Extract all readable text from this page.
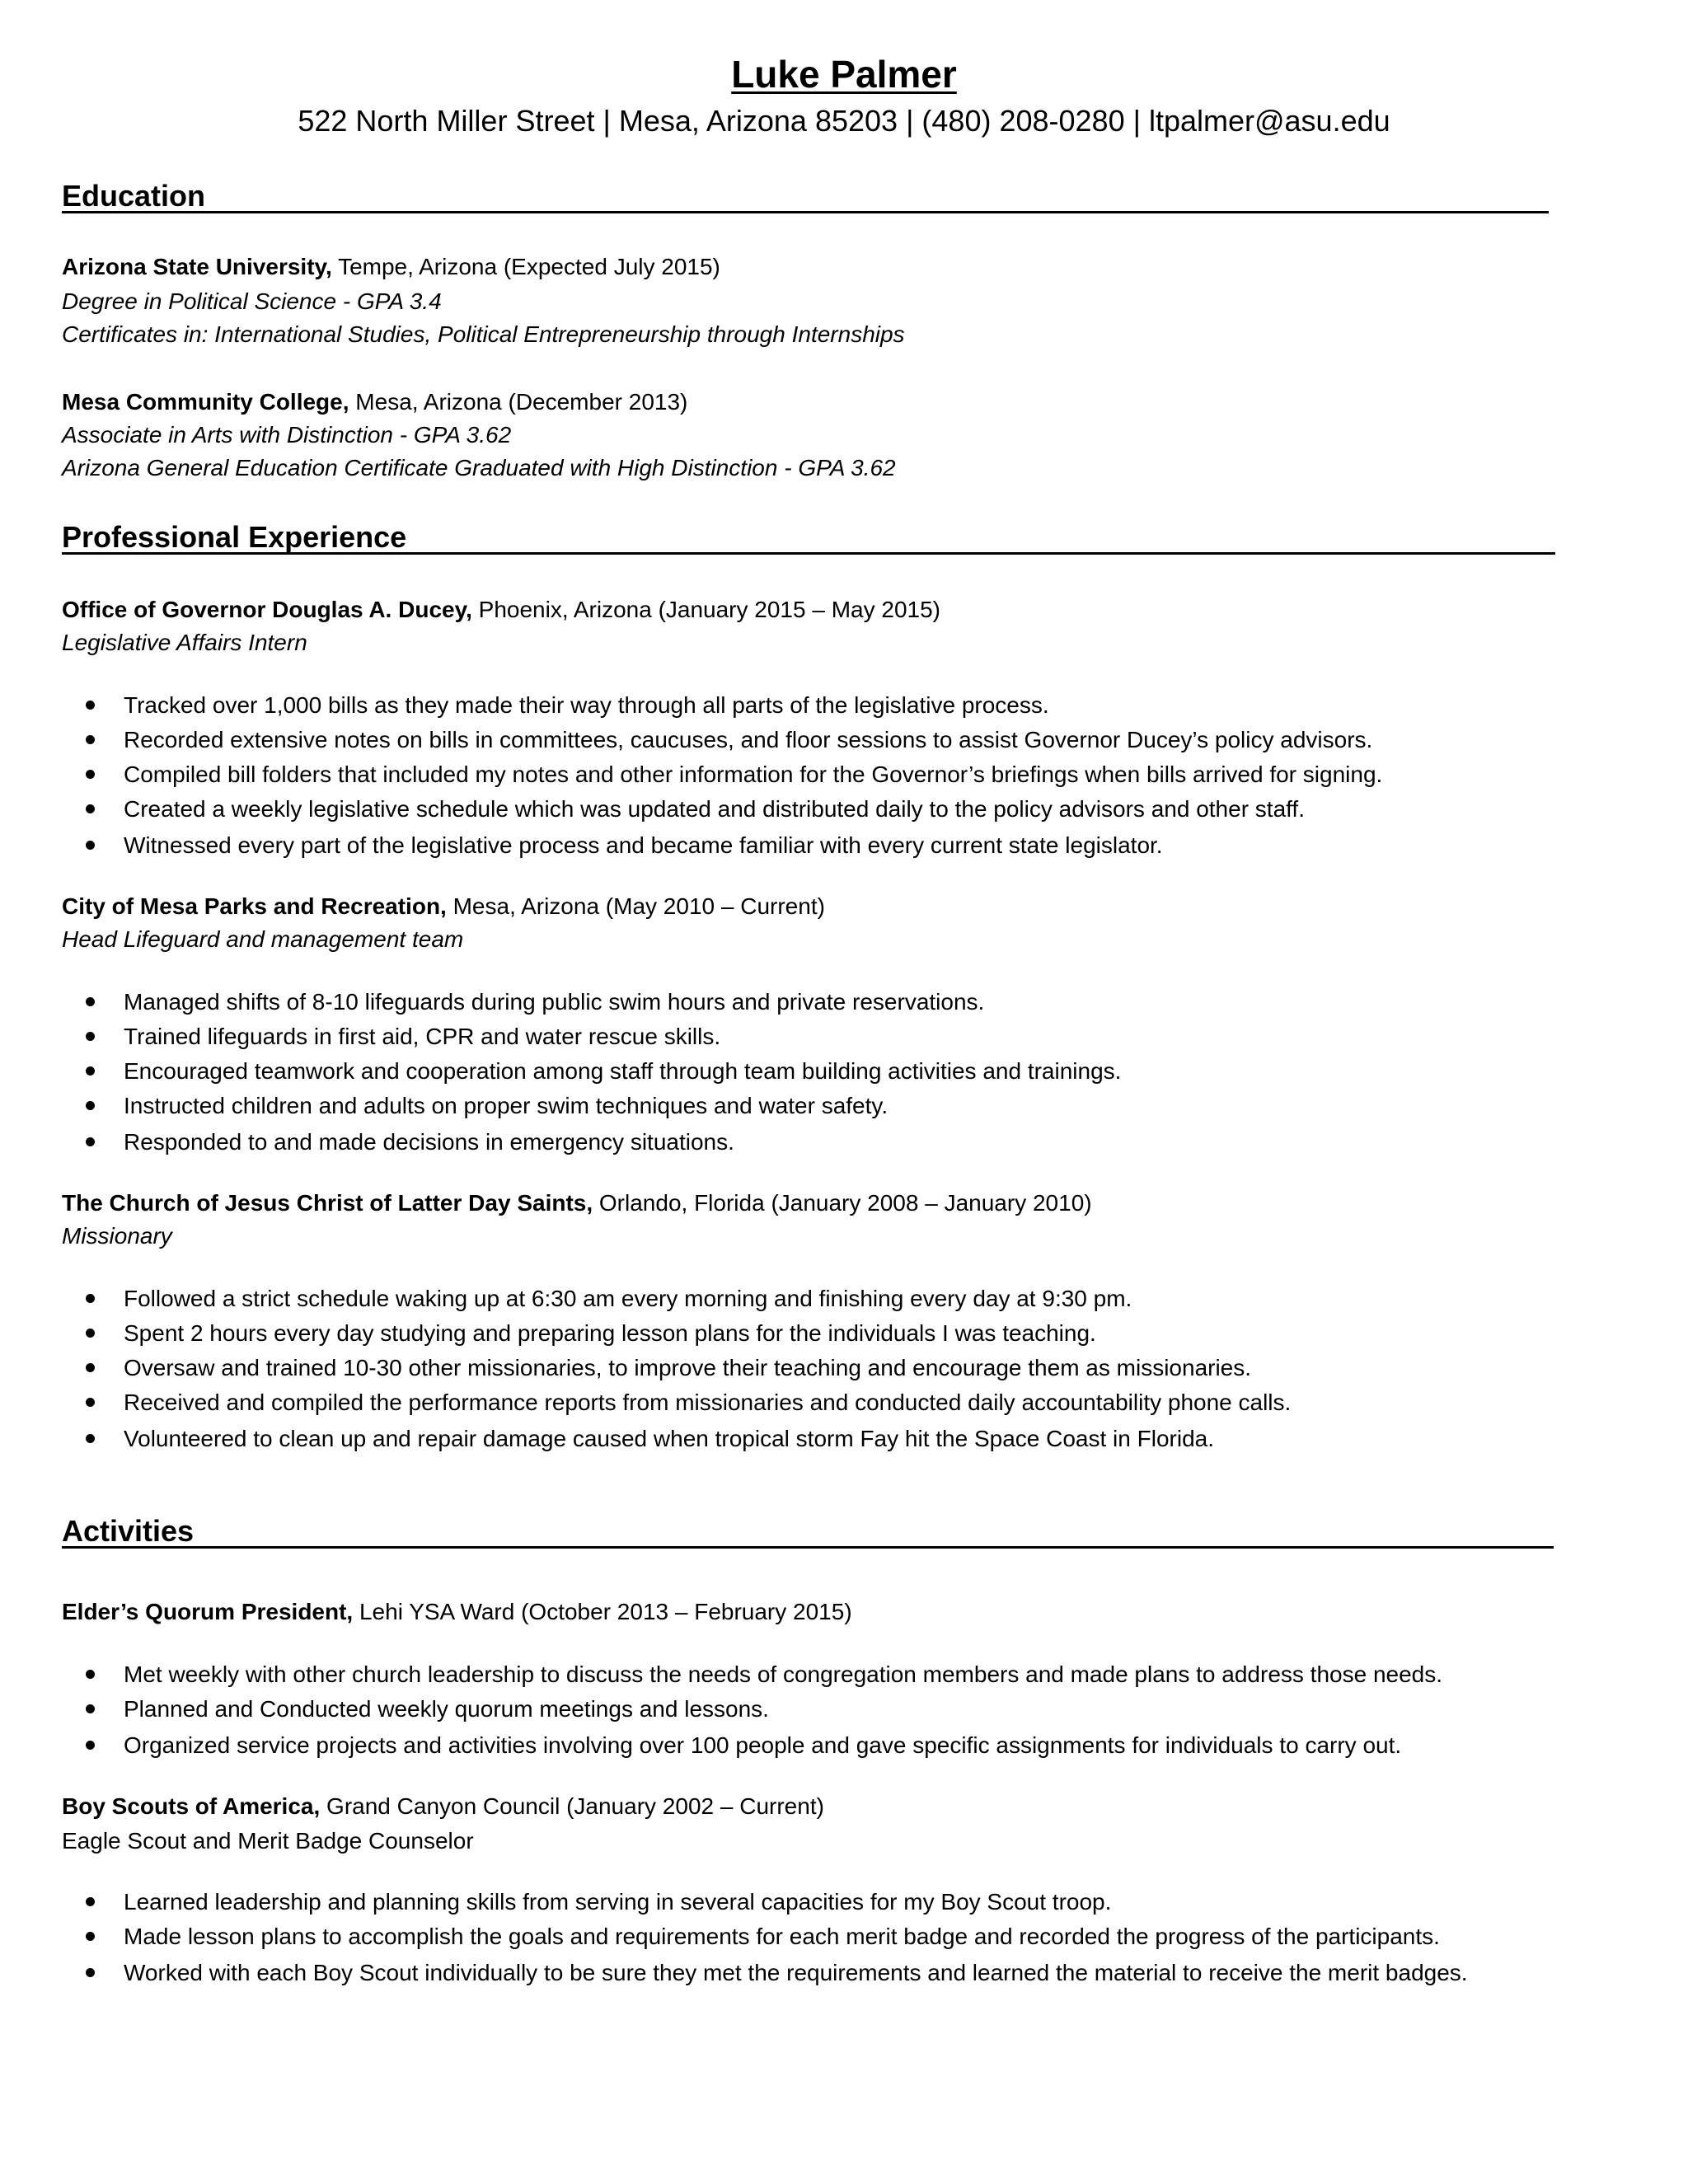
Luke Palmer
522 North Miller Street | Mesa, Arizona 85203 | (480) 208-0280 | ltpalmer@asu.edu
Education
Arizona State University, Tempe, Arizona (Expected July 2015)
Degree in Political Science - GPA 3.4
Certificates in: International Studies, Political Entrepreneurship through Internships
Mesa Community College, Mesa, Arizona (December 2013)
Associate in Arts with Distinction - GPA 3.62
Arizona General Education Certificate Graduated with High Distinction - GPA 3.62
Professional Experience
Office of Governor Douglas A. Ducey, Phoenix, Arizona (January 2015 – May 2015)
Legislative Affairs Intern
Tracked over 1,000 bills as they made their way through all parts of the legislative process.
Recorded extensive notes on bills in committees, caucuses, and floor sessions to assist Governor Ducey’s policy advisors.
Compiled bill folders that included my notes and other information for the Governor’s briefings when bills arrived for signing.
Created a weekly legislative schedule which was updated and distributed daily to the policy advisors and other staff.
Witnessed every part of the legislative process and became familiar with every current state legislator.
City of Mesa Parks and Recreation, Mesa, Arizona (May 2010 – Current)
Head Lifeguard and management team
Managed shifts of 8-10 lifeguards during public swim hours and private reservations.
Trained lifeguards in first aid, CPR and water rescue skills.
Encouraged teamwork and cooperation among staff through team building activities and trainings.
Instructed children and adults on proper swim techniques and water safety.
Responded to and made decisions in emergency situations.
The Church of Jesus Christ of Latter Day Saints, Orlando, Florida (January 2008 – January 2010)
Missionary
Followed a strict schedule waking up at 6:30 am every morning and finishing every day at 9:30 pm.
Spent 2 hours every day studying and preparing lesson plans for the individuals I was teaching.
Oversaw and trained 10-30 other missionaries, to improve their teaching and encourage them as missionaries.
Received and compiled the performance reports from missionaries and conducted daily accountability phone calls.
Volunteered to clean up and repair damage caused when tropical storm Fay hit the Space Coast in Florida.
Activities
Elder’s Quorum President, Lehi YSA Ward (October 2013 – February 2015)
Met weekly with other church leadership to discuss the needs of congregation members and made plans to address those needs.
Planned and Conducted weekly quorum meetings and lessons.
Organized service projects and activities involving over 100 people and gave specific assignments for individuals to carry out.
Boy Scouts of America, Grand Canyon Council (January 2002 – Current)
Eagle Scout and Merit Badge Counselor
Learned leadership and planning skills from serving in several capacities for my Boy Scout troop.
Made lesson plans to accomplish the goals and requirements for each merit badge and recorded the progress of the participants.
Worked with each Boy Scout individually to be sure they met the requirements and learned the material to receive the merit badges.
